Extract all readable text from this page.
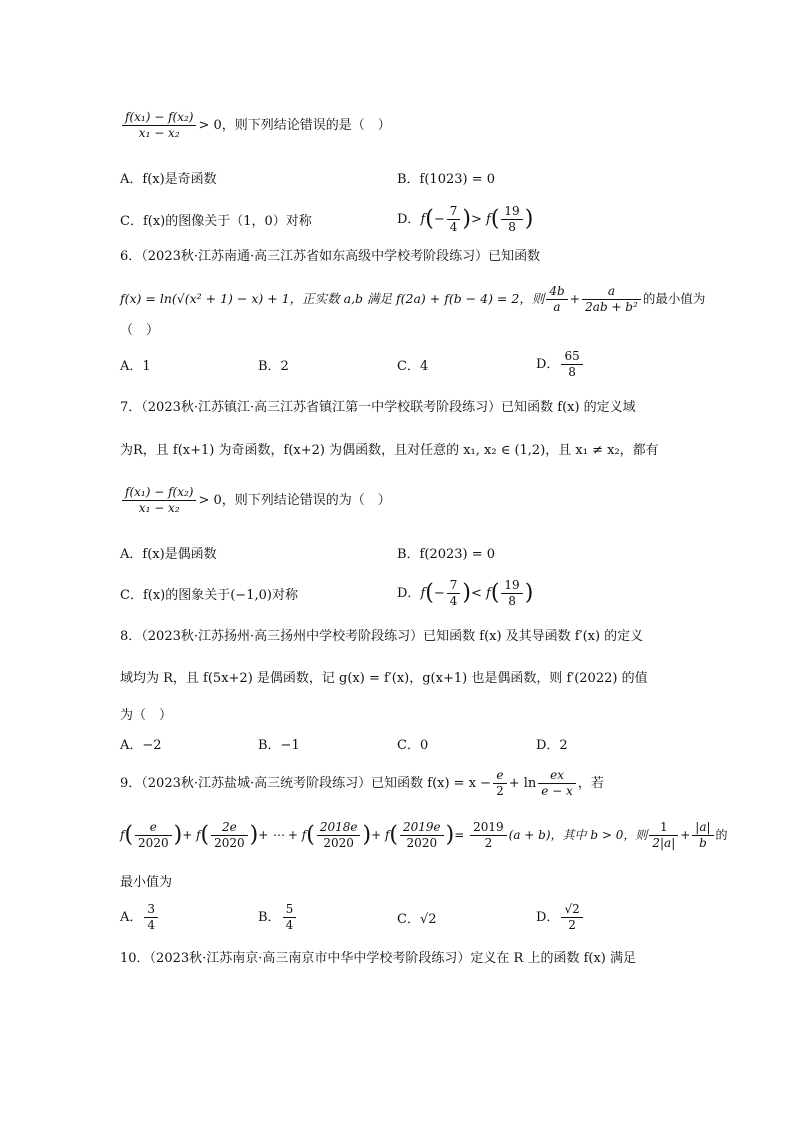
$\frac{\text{f(x₁) − f(x₂)}}{\text{x₁ − x₂}} > 0$，则下列结论错误的是（　）
A．f(x)是奇函数	B．f(1023) = 0
C．f(x)的图像关于（1，0）对称	D．$f(- \frac{7}{4}$ )> $f( \frac{19}{8}$ )
6．（2023秋·江苏南通·高三江苏省如东高级中学校考阶段练习）已知函数
f(x) = ln(√(x² + 1) − x) + 1，正实数 a,b 满足 f(2a) + f(b − 4) = 2，则 $\frac{4b}{a} + \frac{a}{\text{2ab + b²}}$ 的最小值为
（　）
A．1	B．2	C．4	D． $\frac{65}{8}$
7．（2023秋·江苏镇江·高三江苏省镇江第一中学校联考阶段练习）已知函数 f(x) 的定义域
为R，且 f(x+1) 为奇函数，f(x+2) 为偶函数，且对任意的 x₁, x₂ ∈ (1,2)，且 x₁ ≠ x₂，都有
$\frac{\text{f(x₁) − f(x₂)}}{\text{x₁ − x₂}} > 0$，则下列结论错误的为（　）
A．f(x)是偶函数	B．f(2023) = 0
C．f(x)的图象关于(−1,0)对称	D．$f(- \frac{7}{4}$ )< $f( \frac{19}{8}$ )
8．（2023秋·江苏扬州·高三扬州中学校考阶段练习）已知函数 f(x) 及其导函数 f′(x) 的定义
域均为 R，且 f(5x+2) 是偶函数，记 g(x) = f′(x)，g(x+1) 也是偶函数，则 f′(2022) 的值
为（　）
A．−2	B．−1	C．0	D．2
9．（2023秋·江苏盐城·高三统考阶段练习）已知函数 $f(x) = x - \frac{e}{2} + \ln \frac{ex}{e - x}$ ，若
$f( \frac{e}{2020}$ )+ $f( \frac{2e}{2020}$ )+ ⋯ + $f( \frac{2018e}{2020}$ )+ $f( \frac{2019e}{2020}$ )= $\frac{2019}{2} (a + b)$，其中 b > 0，则 $\frac{1}{2|a|} + \frac{|a|}{b}$ 的
最小值为
A． $\frac{3}{4}$	B． $\frac{5}{4}$	C．√2	D． $\frac{√2}{2}$
10．（2023秋·江苏南京·高三南京市中华中学校考阶段练习）定义在 R 上的函数 f(x) 满足
